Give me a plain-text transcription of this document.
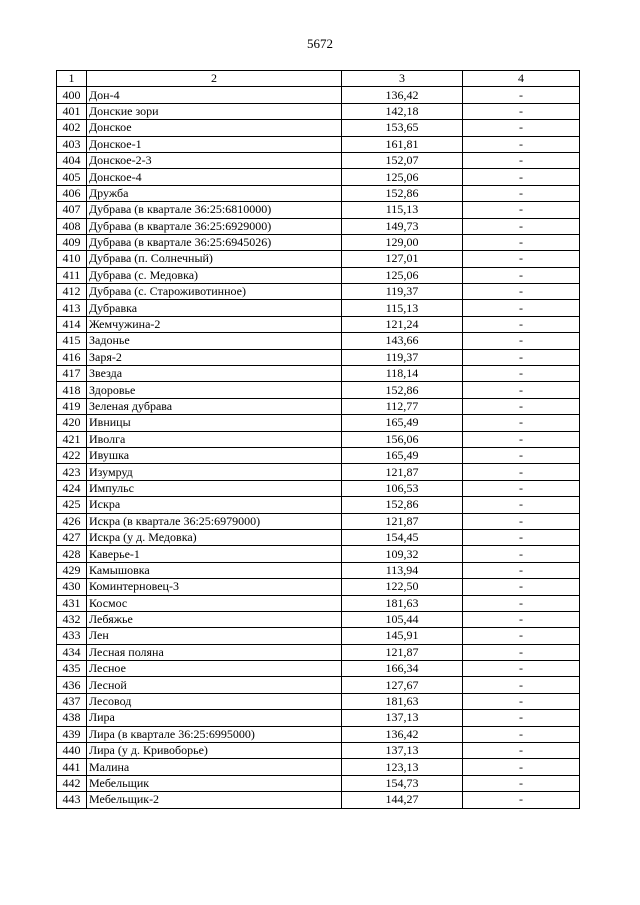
5672
1	2	3	4
400	Дон-4	136,42	-
401	Донские зори	142,18	-
402	Донское	153,65	-
403	Донское-1	161,81	-
404	Донское-2-3	152,07	-
405	Донское-4	125,06	-
406	Дружба	152,86	-
407	Дубрава (в квартале 36:25:6810000)	115,13	-
408	Дубрава (в квартале 36:25:6929000)	149,73	-
409	Дубрава (в квартале 36:25:6945026)	129,00	-
410	Дубрава (п. Солнечный)	127,01	-
411	Дубрава (с. Медовка)	125,06	-
412	Дубрава (с. Староживотинное)	119,37	-
413	Дубравка	115,13	-
414	Жемчужина-2	121,24	-
415	Задонье	143,66	-
416	Заря-2	119,37	-
417	Звезда	118,14	-
418	Здоровье	152,86	-
419	Зеленая дубрава	112,77	-
420	Ивницы	165,49	-
421	Иволга	156,06	-
422	Ивушка	165,49	-
423	Изумруд	121,87	-
424	Импульс	106,53	-
425	Искра	152,86	-
426	Искра (в квартале 36:25:6979000)	121,87	-
427	Искра (у д. Медовка)	154,45	-
428	Каверье-1	109,32	-
429	Камышовка	113,94	-
430	Коминтерновец-3	122,50	-
431	Космос	181,63	-
432	Лебяжье	105,44	-
433	Лен	145,91	-
434	Лесная поляна	121,87	-
435	Лесное	166,34	-
436	Лесной	127,67	-
437	Лесовод	181,63	-
438	Лира	137,13	-
439	Лира (в квартале 36:25:6995000)	136,42	-
440	Лира (у д. Кривоборье)	137,13	-
441	Малина	123,13	-
442	Мебельщик	154,73	-
443	Мебельщик-2	144,27	-
